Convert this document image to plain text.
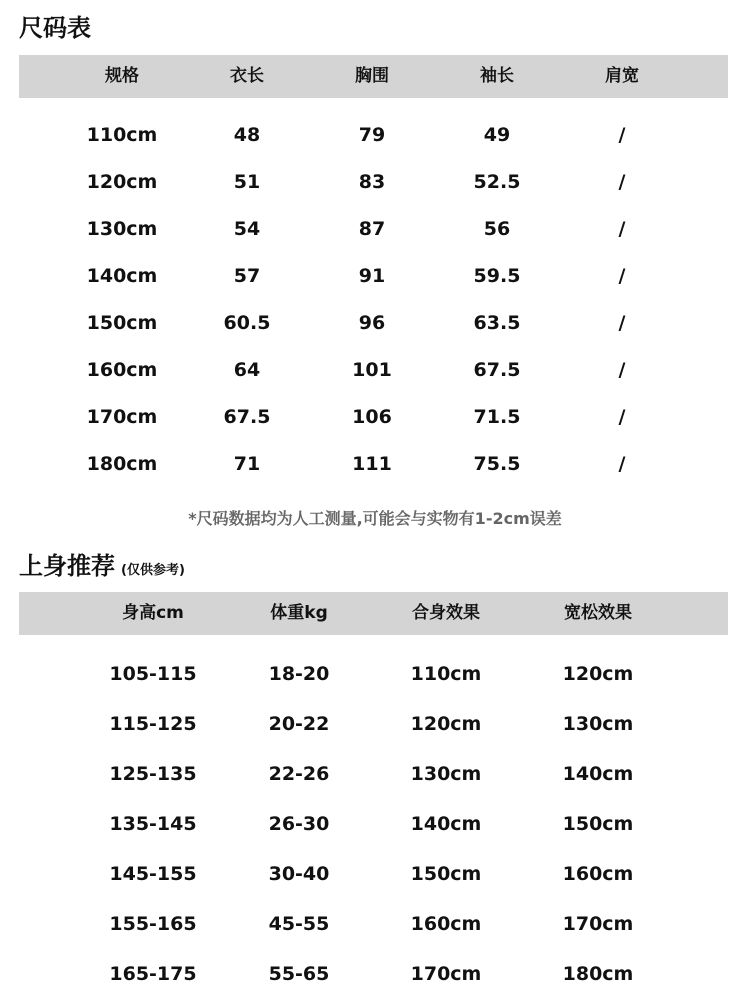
尺码表
规格	衣长	胸围	袖长	肩宽
110cm	48	79	49	/
120cm	51	83	52.5	/
130cm	54	87	56	/
140cm	57	91	59.5	/
150cm	60.5	96	63.5	/
160cm	64	101	67.5	/
170cm	67.5	106	71.5	/
180cm	71	111	75.5	/
*尺码数据均为人工测量,可能会与实物有1-2cm误差
上身推荐 (仅供参考)
身高cm	体重kg	合身效果	宽松效果
105-115	18-20	110cm	120cm
115-125	20-22	120cm	130cm
125-135	22-26	130cm	140cm
135-145	26-30	140cm	150cm
145-155	30-40	150cm	160cm
155-165	45-55	160cm	170cm
165-175	55-65	170cm	180cm
